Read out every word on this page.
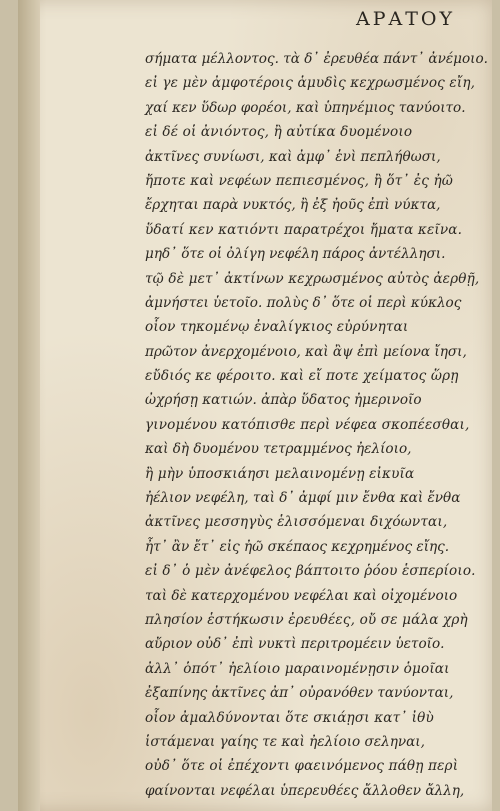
ΑΡΑΤΟΥ
σήματα μέλλοντος. τὰ δ᾽ ἐρευθέα πάντ᾽ ἀνέμοιο.
εἰ γε μὲν ἀμφοτέροις ἁμυδὶς κεχρωσμένος εἴη,
χαί κεν ὕδωρ φορέοι, καὶ ὑπηνέμιος τανύοιτο.
εἰ δέ οἱ ἀνιόντος, ἢ αὐτίκα δυομένοιο
ἀκτῖνες συνίωσι, καὶ ἀμφ᾽ ἑνὶ πεπλήθωσι,
ἤποτε καὶ νεφέων πεπιεσμένος, ἢ ὅτ᾽ ἐς ἠῶ
ἔρχηται παρὰ νυκτός, ἢ ἐξ ἠοῦς ἐπὶ νύκτα,
ὕδατί κεν κατιόντι παρατρέχοι ἤματα κεῖνα.
μηδ᾽ ὅτε οἱ ὀλίγη νεφέλη πάρος ἀντέλλησι.
τῷ δὲ μετ᾽ ἀκτίνων κεχρωσμένος αὐτὸς ἀερθῇ,
ἀμνήστει ὑετοῖο. πολὺς δ᾽ ὅτε οἱ περὶ κύκλος
οἷον τηκομένῳ ἐναλίγκιος εὐρύνηται
πρῶτον ἀνερχομένοιο, καὶ ἂψ ἐπὶ μείονα ἴησι,
εὔδιός κε φέροιτο. καὶ εἴ ποτε χείματος ὥρῃ
ὠχρήσῃ κατιών. ἀπὰρ ὕδατος ἠμερινοῖο
γινομένου κατόπισθε περὶ νέφεα σκοπέεσθαι,
καὶ δὴ δυομένου τετραμμένος ἠελίοιο,
ἢ μὴν ὑποσκιάησι μελαινομένῃ εἰκυῖα
ἠέλιον νεφέλη, ταὶ δ᾽ ἀμφί μιν ἔνθα καὶ ἔνθα
ἀκτῖνες μεσσηγὺς ἑλισσόμεναι διχόωνται,
ἦτ᾽ ἂν ἔτ᾽ εἰς ἠῶ σκέπαος κεχρημένος εἴης.
εἰ δ᾽ ὁ μὲν ἀνέφελος βάπτοιτο ῥόου ἑσπερίοιο.
ταὶ δὲ κατερχομένου νεφέλαι καὶ οἰχομένοιο
πλησίον ἑστήκωσιν ἐρευθέες, οὔ σε μάλα χρὴ
αὔριον οὐδ᾽ ἐπὶ νυκτὶ περιτρομέειν ὑετοῖο.
ἀλλ᾽ ὁπότ᾽ ἠελίοιο μαραινομένῃσιν ὁμοῖαι
ἐξαπίνης ἀκτῖνες ἀπ᾽ οὐρανόθεν τανύονται,
οἷον ἀμαλδύνονται ὅτε σκιάῃσι κατ᾽ ἰθὺ
ἱστάμεναι γαίης τε καὶ ἠελίοιο σεληναι,
οὐδ᾽ ὅτε οἱ ἐπέχοντι φαεινόμενος πάθῃ περὶ
φαίνονται νεφέλαι ὑπερευθέες ἄλλοθεν ἄλλη,
